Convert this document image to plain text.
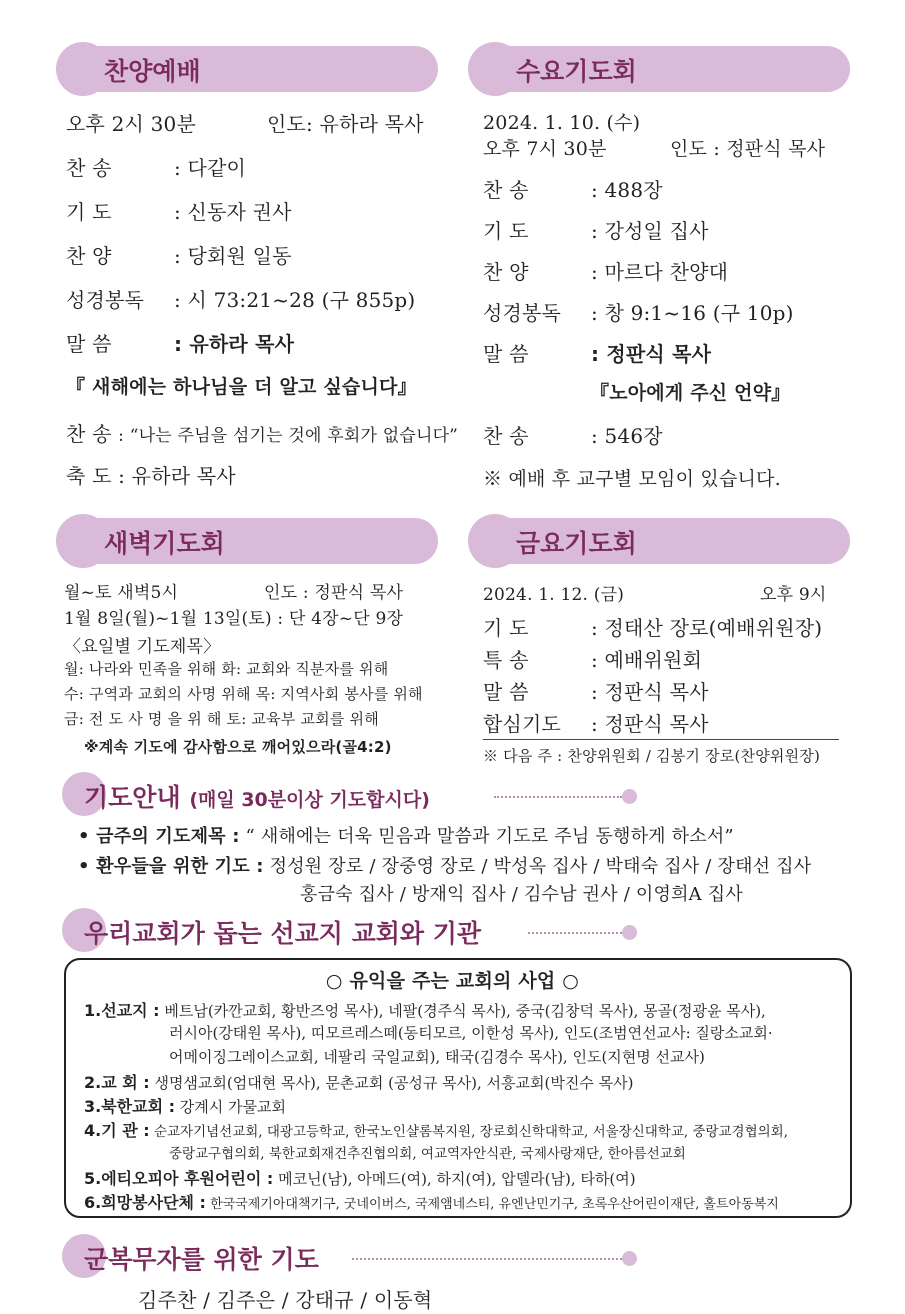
찬양예배
오후 2시 30분	인도: 유하라 목사
찬 송	: 다같이
기 도	: 신동자 권사
찬 양	: 당회원 일동
성경봉독 : 시 73:21~28 (구 855p)
말 씀	: 유하라 목사
『 새해에는 하나님을 더 알고 싶습니다』
찬 송 : “나는 주님을 섬기는 것에 후회가 없습니다”
축 도 : 유하라 목사
수요기도회
2024. 1. 10. (수)
오후 7시 30분	인도 : 정판식 목사
찬 송	: 488장
기 도	: 강성일 집사
찬 양	: 마르다 찬양대
성경봉독 : 창 9:1~16 (구 10p)
말 씀	: 정판식 목사
『노아에게 주신 언약』
찬 송	: 546장
※ 예배 후 교구별 모임이 있습니다.
새벽기도회
월~토 새벽5시	인도 : 정판식 목사
1월 8일(월)~1월 13일(토) : 단 4장~단 9장
〈요일별 기도제목〉
월: 나라와 민족을 위해 화: 교회와 직분자를 위해
수: 구역과 교회의 사명 위해 목: 지역사회 봉사를 위해
금: 전 도 사 명 을 위 해 토: 교육부 교회를 위해
※계속 기도에 감사함으로 깨어있으라(골4:2)
금요기도회
2024. 1. 12. (금)	오후 9시
기 도	: 정태산 장로(예배위원장)
특 송	: 예배위원회
말 씀	: 정판식 목사
합심기도 : 정판식 목사
※ 다음 주 : 찬양위원회 / 김봉기 장로(찬양위원장)
기도안내 (매일 30분이상 기도합시다)
• 금주의 기도제목 : “ 새해에는 더욱 믿음과 말씀과 기도로 주님 동행하게 하소서”
• 환우들을 위한 기도 : 정성원 장로 / 장중영 장로 / 박성옥 집사 / 박태숙 집사 / 장태선 집사
홍금숙 집사 / 방재익 집사 / 김수남 권사 / 이영희A 집사
우리교회가 돕는 선교지 교회와 기관
○ 유익을 주는 교회의 사업 ○
1.선교지 : 베트남(카깐교회, 황반즈엉 목사), 네팔(경주식 목사), 중국(김창덕 목사), 몽골(정광윤 목사),
러시아(강태원 목사), 띠모르레스떼(동티모르, 이한성 목사), 인도(조범연선교사: 질랑소교회·
어메이징그레이스교회, 네팔리 국일교회), 태국(김경수 목사), 인도(지현명 선교사)
2.교 회 : 생명샘교회(엄대현 목사), 문촌교회 (공성규 목사), 서흥교회(박진수 목사)
3.북한교회 : 강계시 가물교회
4.기 관 : 순교자기념선교회, 대광고등학교, 한국노인샬롬복지원, 장로회신학대학교, 서울장신대학교, 중랑교경협의회,
중랑교구협의회, 북한교회재건추진협의회, 여교역자안식관, 국제사랑재단, 한아름선교회
5.에티오피아 후원어린이 : 메코닌(남), 아메드(여), 하지(여), 압델라(남), 타하(여)
6.희망봉사단체 : 한국국제기아대책기구, 굿네이버스, 국제앰네스티, 유엔난민기구, 초록우산어린이재단, 홀트아동복지
군복무자를 위한 기도
김주찬 / 김주은 / 강태규 / 이동혁
